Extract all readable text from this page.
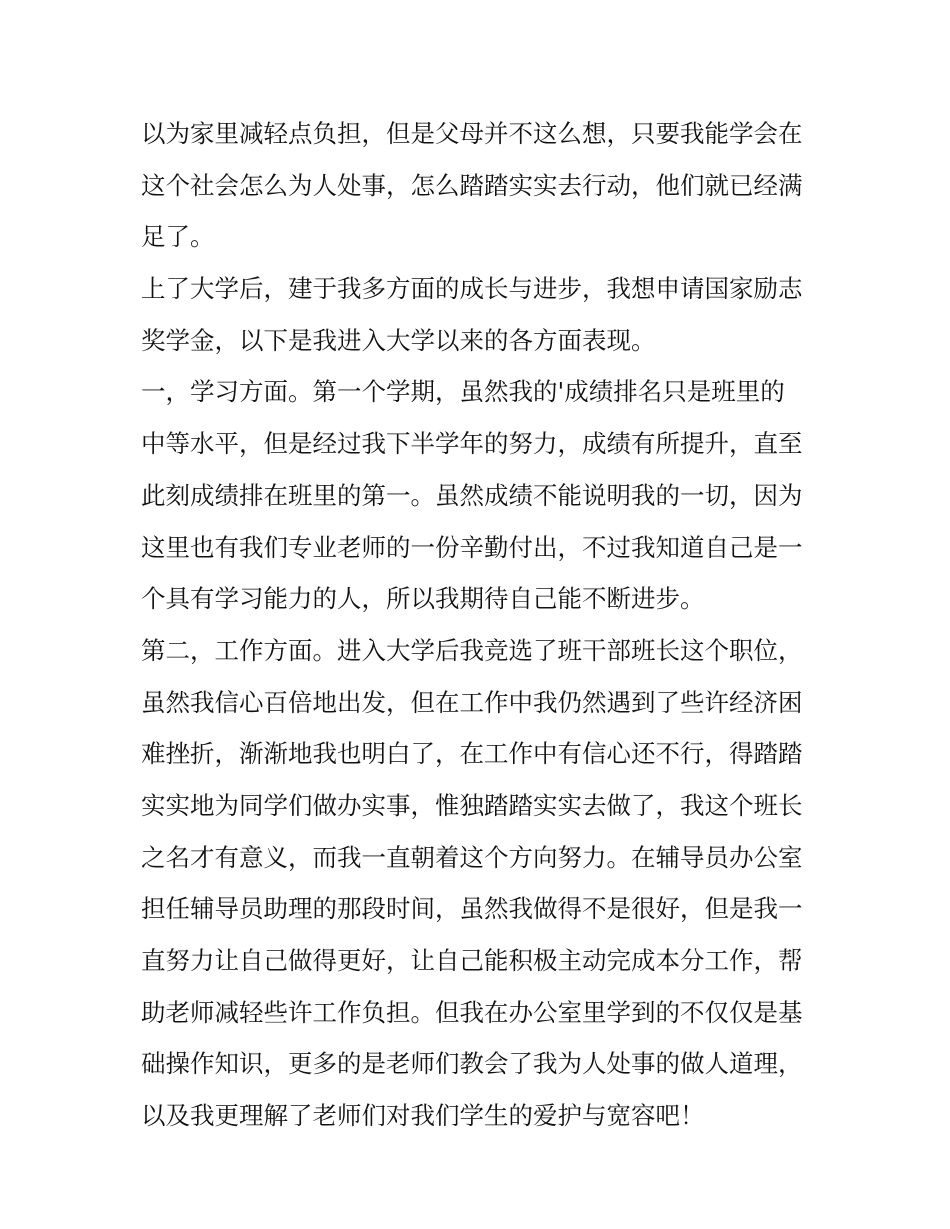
以为家里减轻点负担，但是父母并不这么想，只要我能学会在
这个社会怎么为人处事，怎么踏踏实实去行动，他们就已经满
足了。
上了大学后，建于我多方面的成长与进步，我想申请国家励志
奖学金，以下是我进入大学以来的各方面表现。
一，学习方面。第一个学期，虽然我的'成绩排名只是班里的
中等水平，但是经过我下半学年的努力，成绩有所提升，直至
此刻成绩排在班里的第一。虽然成绩不能说明我的一切，因为
这里也有我们专业老师的一份辛勤付出，不过我知道自己是一
个具有学习能力的人，所以我期待自己能不断进步。
第二，工作方面。进入大学后我竞选了班干部班长这个职位，
虽然我信心百倍地出发，但在工作中我仍然遇到了些许经济困
难挫折，渐渐地我也明白了，在工作中有信心还不行，得踏踏
实实地为同学们做办实事，惟独踏踏实实去做了，我这个班长
之名才有意义，而我一直朝着这个方向努力。在辅导员办公室
担任辅导员助理的那段时间，虽然我做得不是很好，但是我一
直努力让自己做得更好，让自己能积极主动完成本分工作，帮
助老师减轻些许工作负担。但我在办公室里学到的不仅仅是基
础操作知识，更多的是老师们教会了我为人处事的做人道理，
以及我更理解了老师们对我们学生的爱护与宽容吧！
